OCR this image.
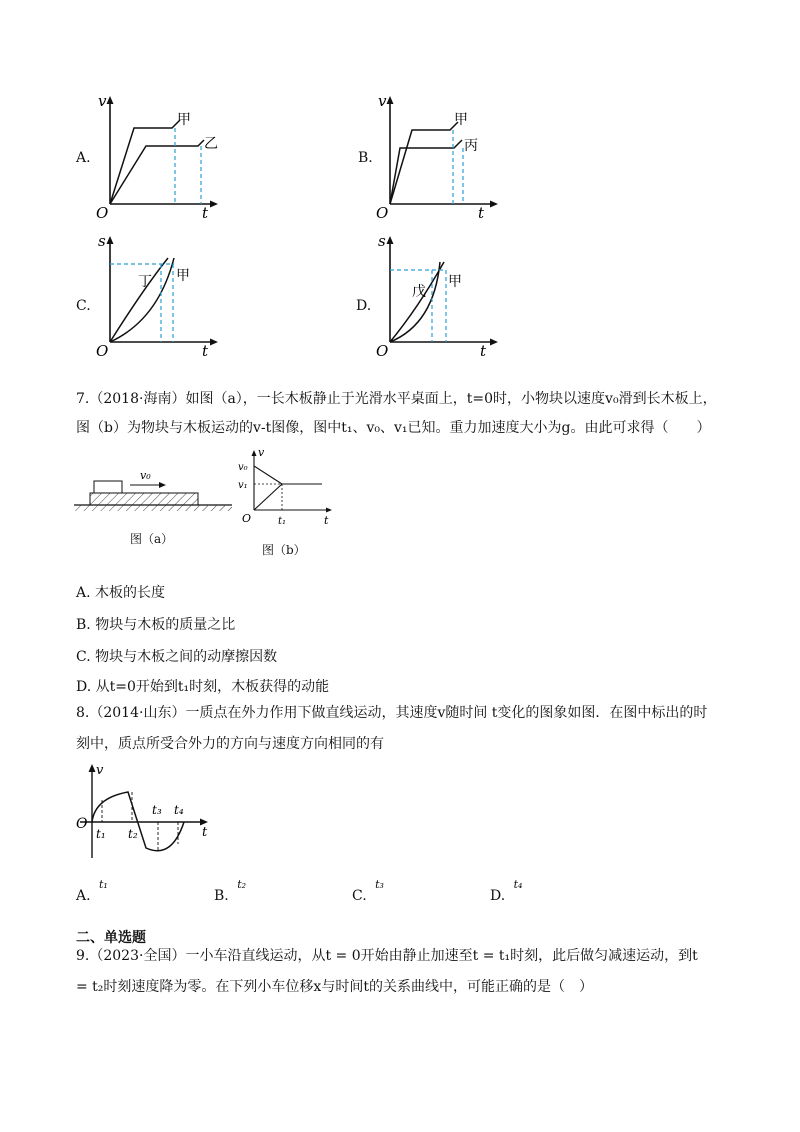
A.
v
t
O
甲
乙
B.
v
t
O
甲
丙
C.
s
t
O
丁 甲
D.
s
t
O
戊
甲
7.（2018·海南）如图（a），一长木板静止于光滑水平桌面上，t=0时，小物块以速度v₀滑到长木板上，
图（b）为物块与木板运动的v-t图像，图中t₁、v₀、v₁已知。重力加速度大小为g。由此可求得（　　）
v₀
图（a）
v
t
O
v₀
v₁
t₁
图（b）
A. 木板的长度
B. 物块与木板的质量之比
C. 物块与木板之间的动摩擦因数
D. 从t=0开始到t₁时刻，木板获得的动能
8.（2014·山东）一质点在外力作用下做直线运动，其速度v随时间 t变化的图象如图．在图中标出的时
刻中，质点所受合外力的方向与速度方向相同的有
v
t
O
t₁ t₂
t₃ t₄
A. $^{t_1}$
B. $^{t_2}$
C. $^{t_3}$
D. $^{t_4}$
二、单选题
9.（2023·全国）一小车沿直线运动，从t = 0开始由静止加速至t = t₁时刻，此后做匀减速运动，到t
= t₂时刻速度降为零。在下列小车位移x与时间t的关系曲线中，可能正确的是（　）
